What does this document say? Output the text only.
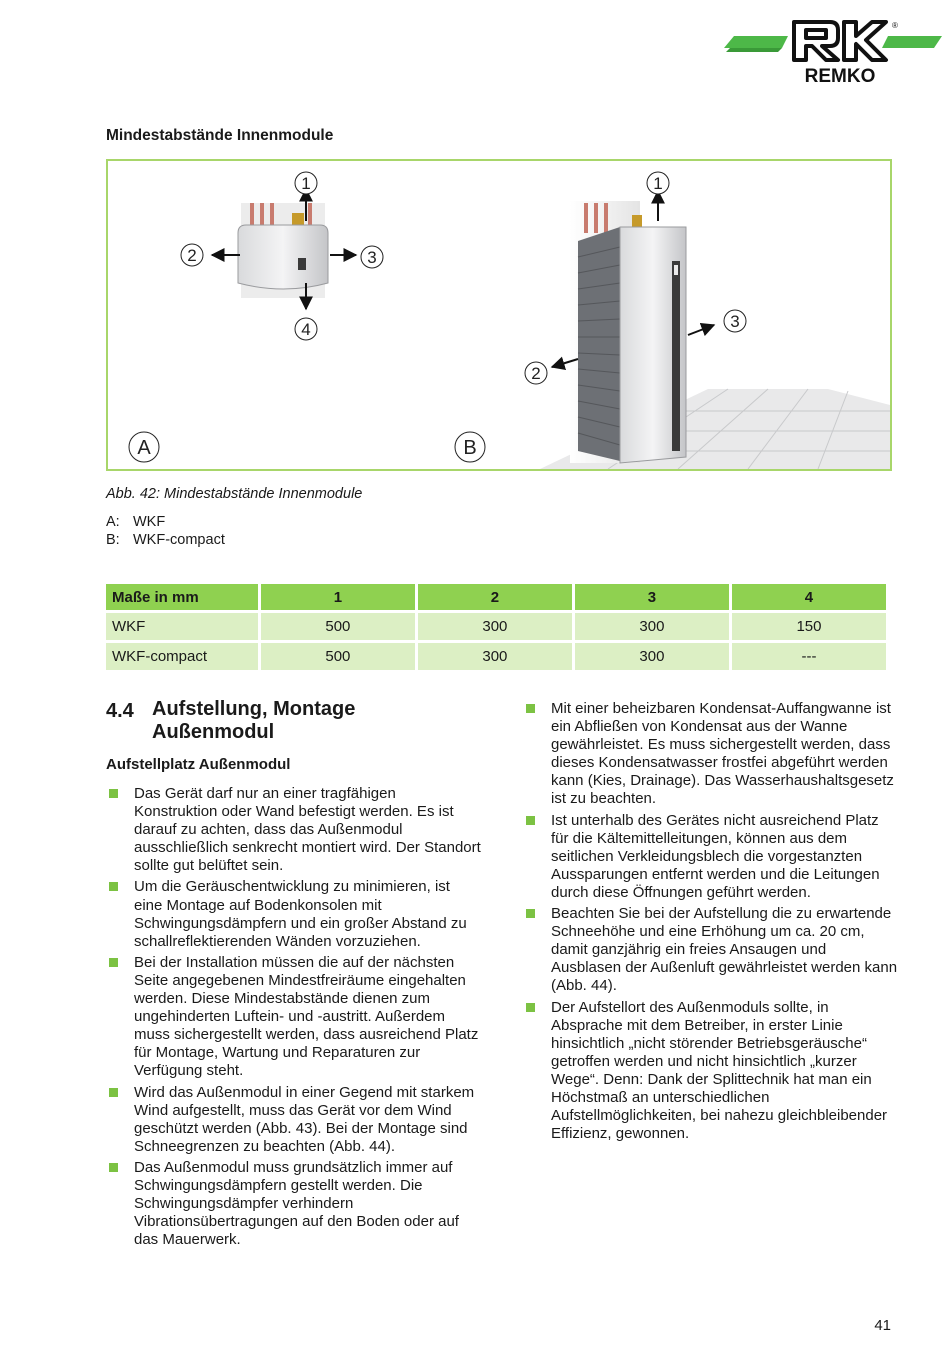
REMKO
®
Mindestabstände Innenmodule
1
2	3
4
1
2
3
A	B
Abb. 42: Mindestabstände Innenmodule
A: WKF
B: WKF-compact
Maße in mm	1	2	3	4
WKF	500	300	300	150
WKF-compact	500	300	300	---
4.4 Aufstellung, Montage Außenmodul
Aufstellplatz Außenmodul
Das Gerät darf nur an einer tragfähigen Konstruktion oder Wand befestigt werden. Es ist darauf zu achten, dass das Außenmodul ausschließlich senkrecht montiert wird. Der Standort sollte gut belüftet sein.
Um die Geräuschentwicklung zu minimieren, ist eine Montage auf Bodenkonsolen mit Schwingungsdämpfern und ein großer Abstand zu schallreflektierenden Wänden vorzuziehen.
Bei der Installation müssen die auf der nächsten Seite angegebenen Mindestfreiräume eingehalten werden. Diese Mindestabstände dienen zum ungehinderten Luftein- und -austritt. Außerdem muss sichergestellt werden, dass ausreichend Platz für Montage, Wartung und Reparaturen zur Verfügung steht.
Wird das Außenmodul in einer Gegend mit starkem Wind aufgestellt, muss das Gerät vor dem Wind geschützt werden (Abb. 43). Bei der Montage sind Schneegrenzen zu beachten (Abb. 44).
Das Außenmodul muss grundsätzlich immer auf Schwingungsdämpfern gestellt werden. Die Schwingungsdämpfer verhindern Vibrationsübertragungen auf den Boden oder auf das Mauerwerk.
Mit einer beheizbaren Kondensat-Auffangwanne ist ein Abfließen von Kondensat aus der Wanne gewährleistet. Es muss sichergestellt werden, dass dieses Kondensatwasser frostfei abgeführt werden kann (Kies, Drainage). Das Wasserhaushaltsgesetz ist zu beachten.
Ist unterhalb des Gerätes nicht ausreichend Platz für die Kältemittelleitungen, können aus dem seitlichen Verkleidungsblech die vorgestanzten Aussparungen entfernt werden und die Leitungen durch diese Öffnungen geführt werden.
Beachten Sie bei der Aufstellung die zu erwartende Schneehöhe und eine Erhöhung um ca. 20 cm, damit ganzjährig ein freies Ansaugen und Ausblasen der Außenluft gewährleistet werden kann (Abb. 44).
Der Aufstellort des Außenmoduls sollte, in Absprache mit dem Betreiber, in erster Linie hinsichtlich „nicht störender Betriebsgeräusche“ getroffen werden und nicht hinsichtlich „kurzer Wege“. Denn: Dank der Splittechnik hat man ein Höchstmaß an unterschiedlichen Aufstellmöglichkeiten, bei nahezu gleichbleibender Effizienz, gewonnen.
41
